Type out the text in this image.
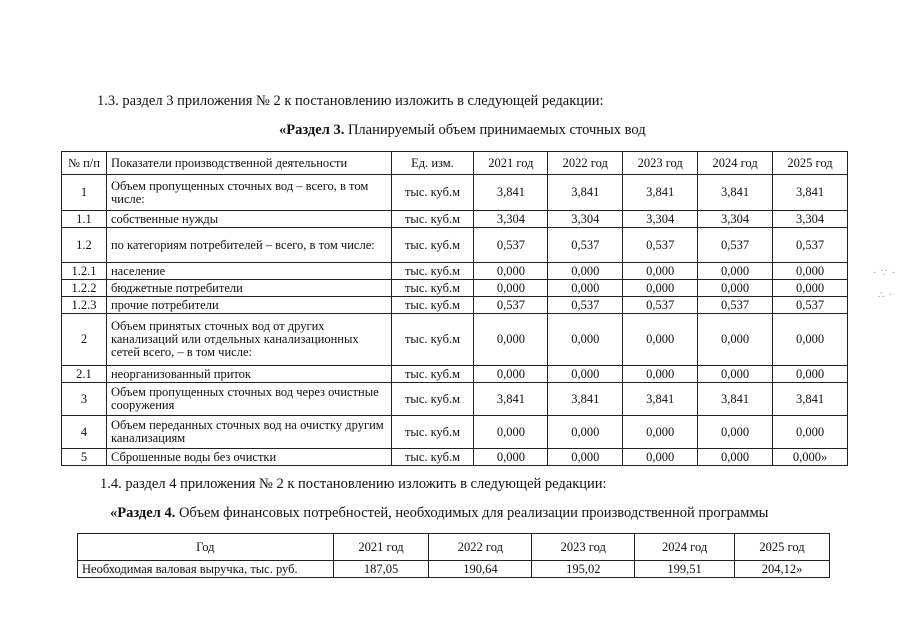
1.3. раздел 3 приложения № 2 к постановлению изложить в следующей редакции:
«Раздел 3. Планируемый объем принимаемых сточных вод
№ п/п	Показатели производственной деятельности	Ед. изм.	2021 год	2022 год	2023 год	2024 год	2025 год
1	Объем пропущенных сточных вод – всего, в том числе:	тыс. куб.м	3,841	3,841	3,841	3,841	3,841
1.1	собственные нужды	тыс. куб.м	3,304	3,304	3,304	3,304	3,304
1.2	по категориям потребителей – всего, в том числе:	тыс. куб.м	0,537	0,537	0,537	0,537	0,537
1.2.1	население	тыс. куб.м	0,000	0,000	0,000	0,000	0,000
1.2.2	бюджетные потребители	тыс. куб.м	0,000	0,000	0,000	0,000	0,000
1.2.3	прочие потребители	тыс. куб.м	0,537	0,537	0,537	0,537	0,537
2	Объем принятых сточных вод от других канализаций или отдельных канализационных сетей всего, – в том числе:	тыс. куб.м	0,000	0,000	0,000	0,000	0,000
2.1	неорганизованный приток	тыс. куб.м	0,000	0,000	0,000	0,000	0,000
3	Объем пропущенных сточных вод через очистные сооружения	тыс. куб.м	3,841	3,841	3,841	3,841	3,841
4	Объем переданных сточных вод на очистку другим канализациям	тыс. куб.м	0,000	0,000	0,000	0,000	0,000
5	Сброшенные воды без очистки	тыс. куб.м	0,000	0,000	0,000	0,000	0,000»
1.4. раздел 4 приложения № 2 к постановлению изложить в следующей редакции:
«Раздел 4. Объем финансовых потребностей, необходимых для реализации производственной программы
Год	2021 год	2022 год	2023 год	2024 год	2025 год
Необходимая валовая выручка, тыс. руб.	187,05	190,64	195,02	199,51	204,12»
· ∵ ·
∴ ·
